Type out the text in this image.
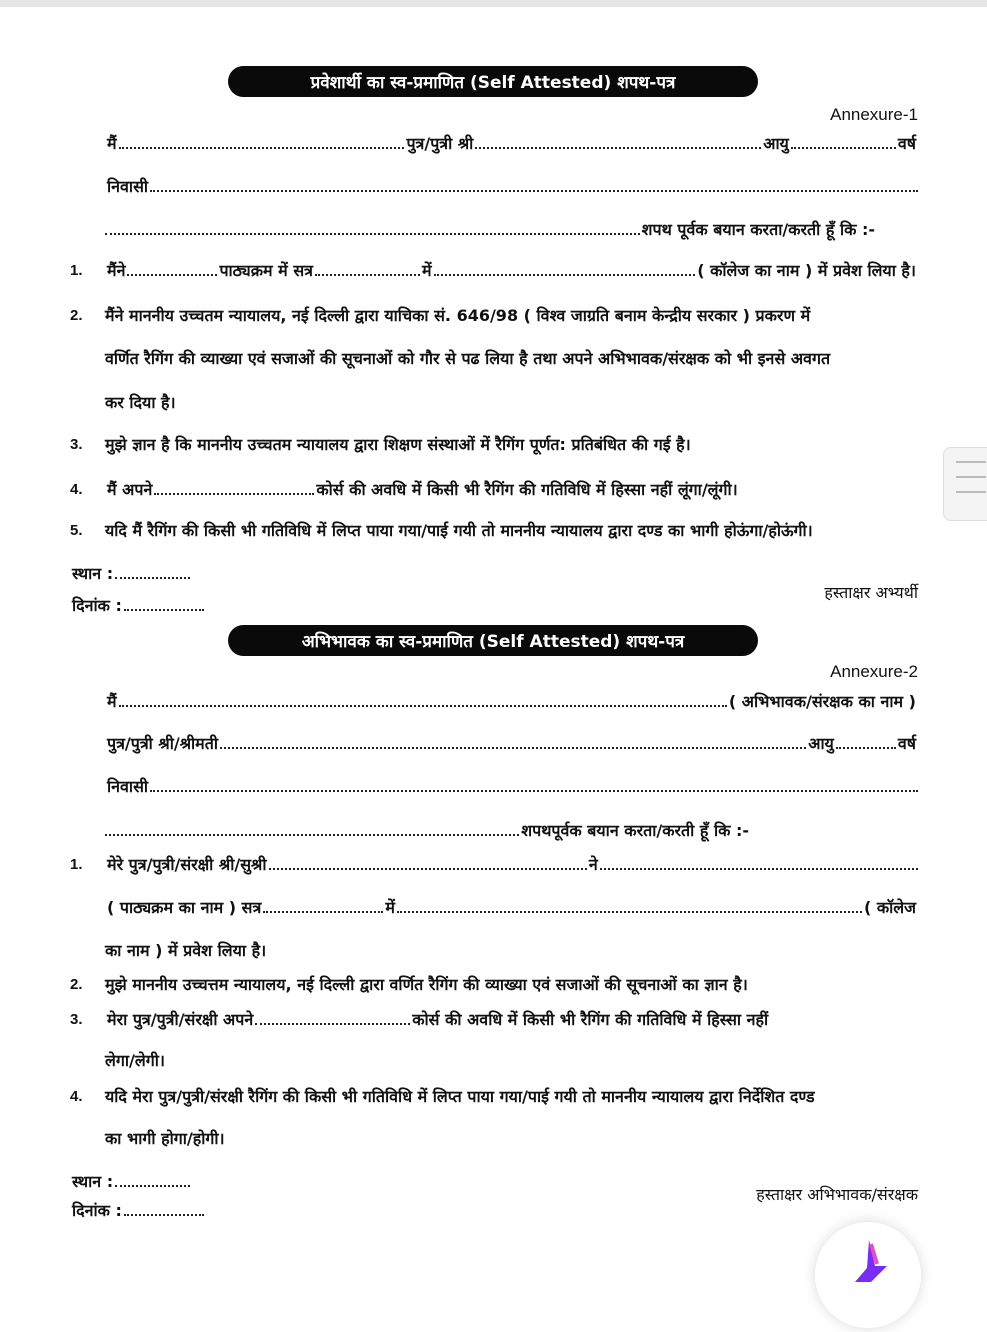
प्रवेशार्थी का स्व-प्रमाणित (Self Attested) शपथ-पत्र
Annexure-1
मैं	पुत्र/पुत्री श्री	आयु	वर्ष
निवासी
शपथ पूर्वक बयान करता/करती हूँ कि :-
1. मैंने	पाठ्यक्रम में सत्र	में	( कॉलेज का नाम ) में प्रवेश लिया है।
2. मैंने माननीय उच्चतम न्यायालय, नई दिल्ली द्वारा याचिका सं. 646/98 ( विश्व जाग्रति बनाम केन्द्रीय सरकार ) प्रकरण में
वर्णित रैगिंग की व्याख्या एवं सजाओं की सूचनाओं को गौर से पढ लिया है तथा अपने अभिभावक/संरक्षक को भी इनसे अवगत
कर दिया है।
3. मुझे ज्ञान है कि माननीय उच्चतम न्यायालय द्वारा शिक्षण संस्थाओं में रैगिंग पूर्णत: प्रतिबंधित की गई है।
4. मैं अपने	कोर्स की अवधि में किसी भी रैगिंग की गतिविधि में हिस्सा नहीं लूंगा/लूंगी।
5. यदि मैं रैगिंग की किसी भी गतिविधि में लिप्त पाया गया/पाई गयी तो माननीय न्यायालय द्वारा दण्ड का भागी होऊंगा/होऊंगी।
स्थान :
दिनांक :
हस्ताक्षर अभ्यर्थी
अभिभावक का स्व-प्रमाणित (Self Attested) शपथ-पत्र
Annexure-2
मैं	( अभिभावक/संरक्षक का नाम )
पुत्र/पुत्री श्री/श्रीमती	आयु	वर्ष
निवासी
शपथपूर्वक बयान करता/करती हूँ कि :-
1. मेरे पुत्र/पुत्री/संरक्षी श्री/सुश्री	ने
( पाठ्यक्रम का नाम ) सत्र	में	( कॉलेज
का नाम ) में प्रवेश लिया है।
2. मुझे माननीय उच्चत्तम न्यायालय, नई दिल्ली द्वारा वर्णित रैगिंग की व्याख्या एवं सजाओं की सूचनाओं का ज्ञान है।
3. मेरा पुत्र/पुत्री/संरक्षी अपने	कोर्स की अवधि में किसी भी रैगिंग की गतिविधि में हिस्सा नहीं
लेगा/लेगी।
4. यदि मेरा पुत्र/पुत्री/संरक्षी रैगिंग की किसी भी गतिविधि में लिप्त पाया गया/पाई गयी तो माननीय न्यायालय द्वारा निर्देशित दण्ड
का भागी होगा/होगी।
स्थान :
दिनांक :
हस्ताक्षर अभिभावक/संरक्षक
